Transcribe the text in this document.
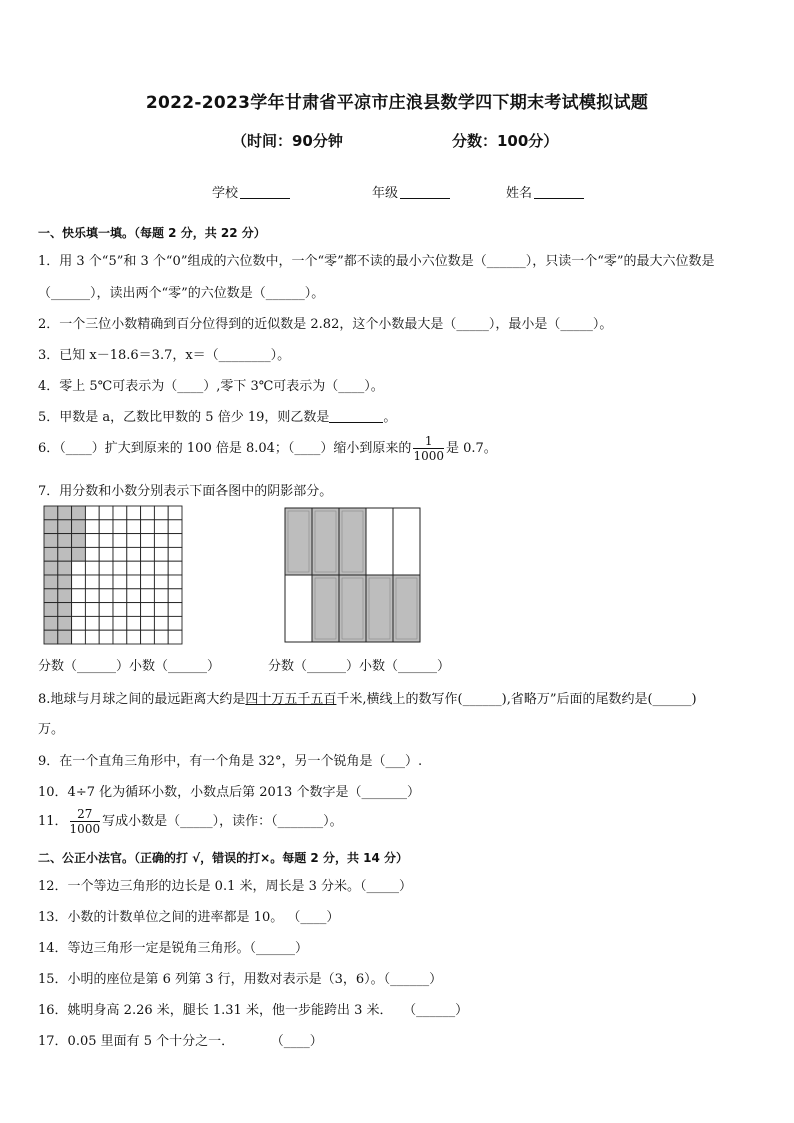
2022-2023学年甘肃省平凉市庄浪县数学四下期末考试模拟试题
（时间：90分钟	分数：100分）
学校	年级	姓名
一、快乐填一填。（每题 2 分，共 22 分）
1．用 3 个“5”和 3 个“0”组成的六位数中，一个“零”都不读的最小六位数是（______），只读一个“零”的最大六位数是
（______），读出两个“零”的六位数是（______）。
2．一个三位小数精确到百分位得到的近似数是 2.82，这个小数最大是（_____），最小是（_____）。
3．已知 x－18.6＝3.7，x＝（________）。
4．零上 5℃可表示为（____）,零下 3℃可表示为（____）。
5．甲数是 a，乙数比甲数的 5 倍少 19，则乙数是	。
6．（____）扩大到原来的 100 倍是 8.04；（____）缩小到原来的 $\frac{1}{1000}$ 是 0.7。
7．用分数和小数分别表示下面各图中的阴影部分。
分数（______）小数（______）	分数（______）小数（______）
8.地球与月球之间的最远距离大约是四十万五千五百千米,横线上的数写作(______),省略万”后面的尾数约是(______)
万。
9．在一个直角三角形中，有一个角是 32°，另一个锐角是（___）.
10．4÷7 化为循环小数，小数点后第 2013 个数字是（_______）
11． $\frac{27}{1000}$ 写成小数是（_____），读作：（_______）。
二、公正小法官。（正确的打 √，错误的打×。每题 2 分，共 14 分）
12．一个等边三角形的边长是 0.1 米，周长是 3 分米。（_____）
13．小数的计数单位之间的进率都是 10。 （____）
14．等边三角形一定是锐角三角形。（______）
15．小明的座位是第 6 列第 3 行，用数对表示是（3，6）。（______）
16．姚明身高 2.26 米，腿长 1.31 米，他一步能跨出 3 米．　 （______）
17．0.05 里面有 5 个十分之一．　　　 （____）
